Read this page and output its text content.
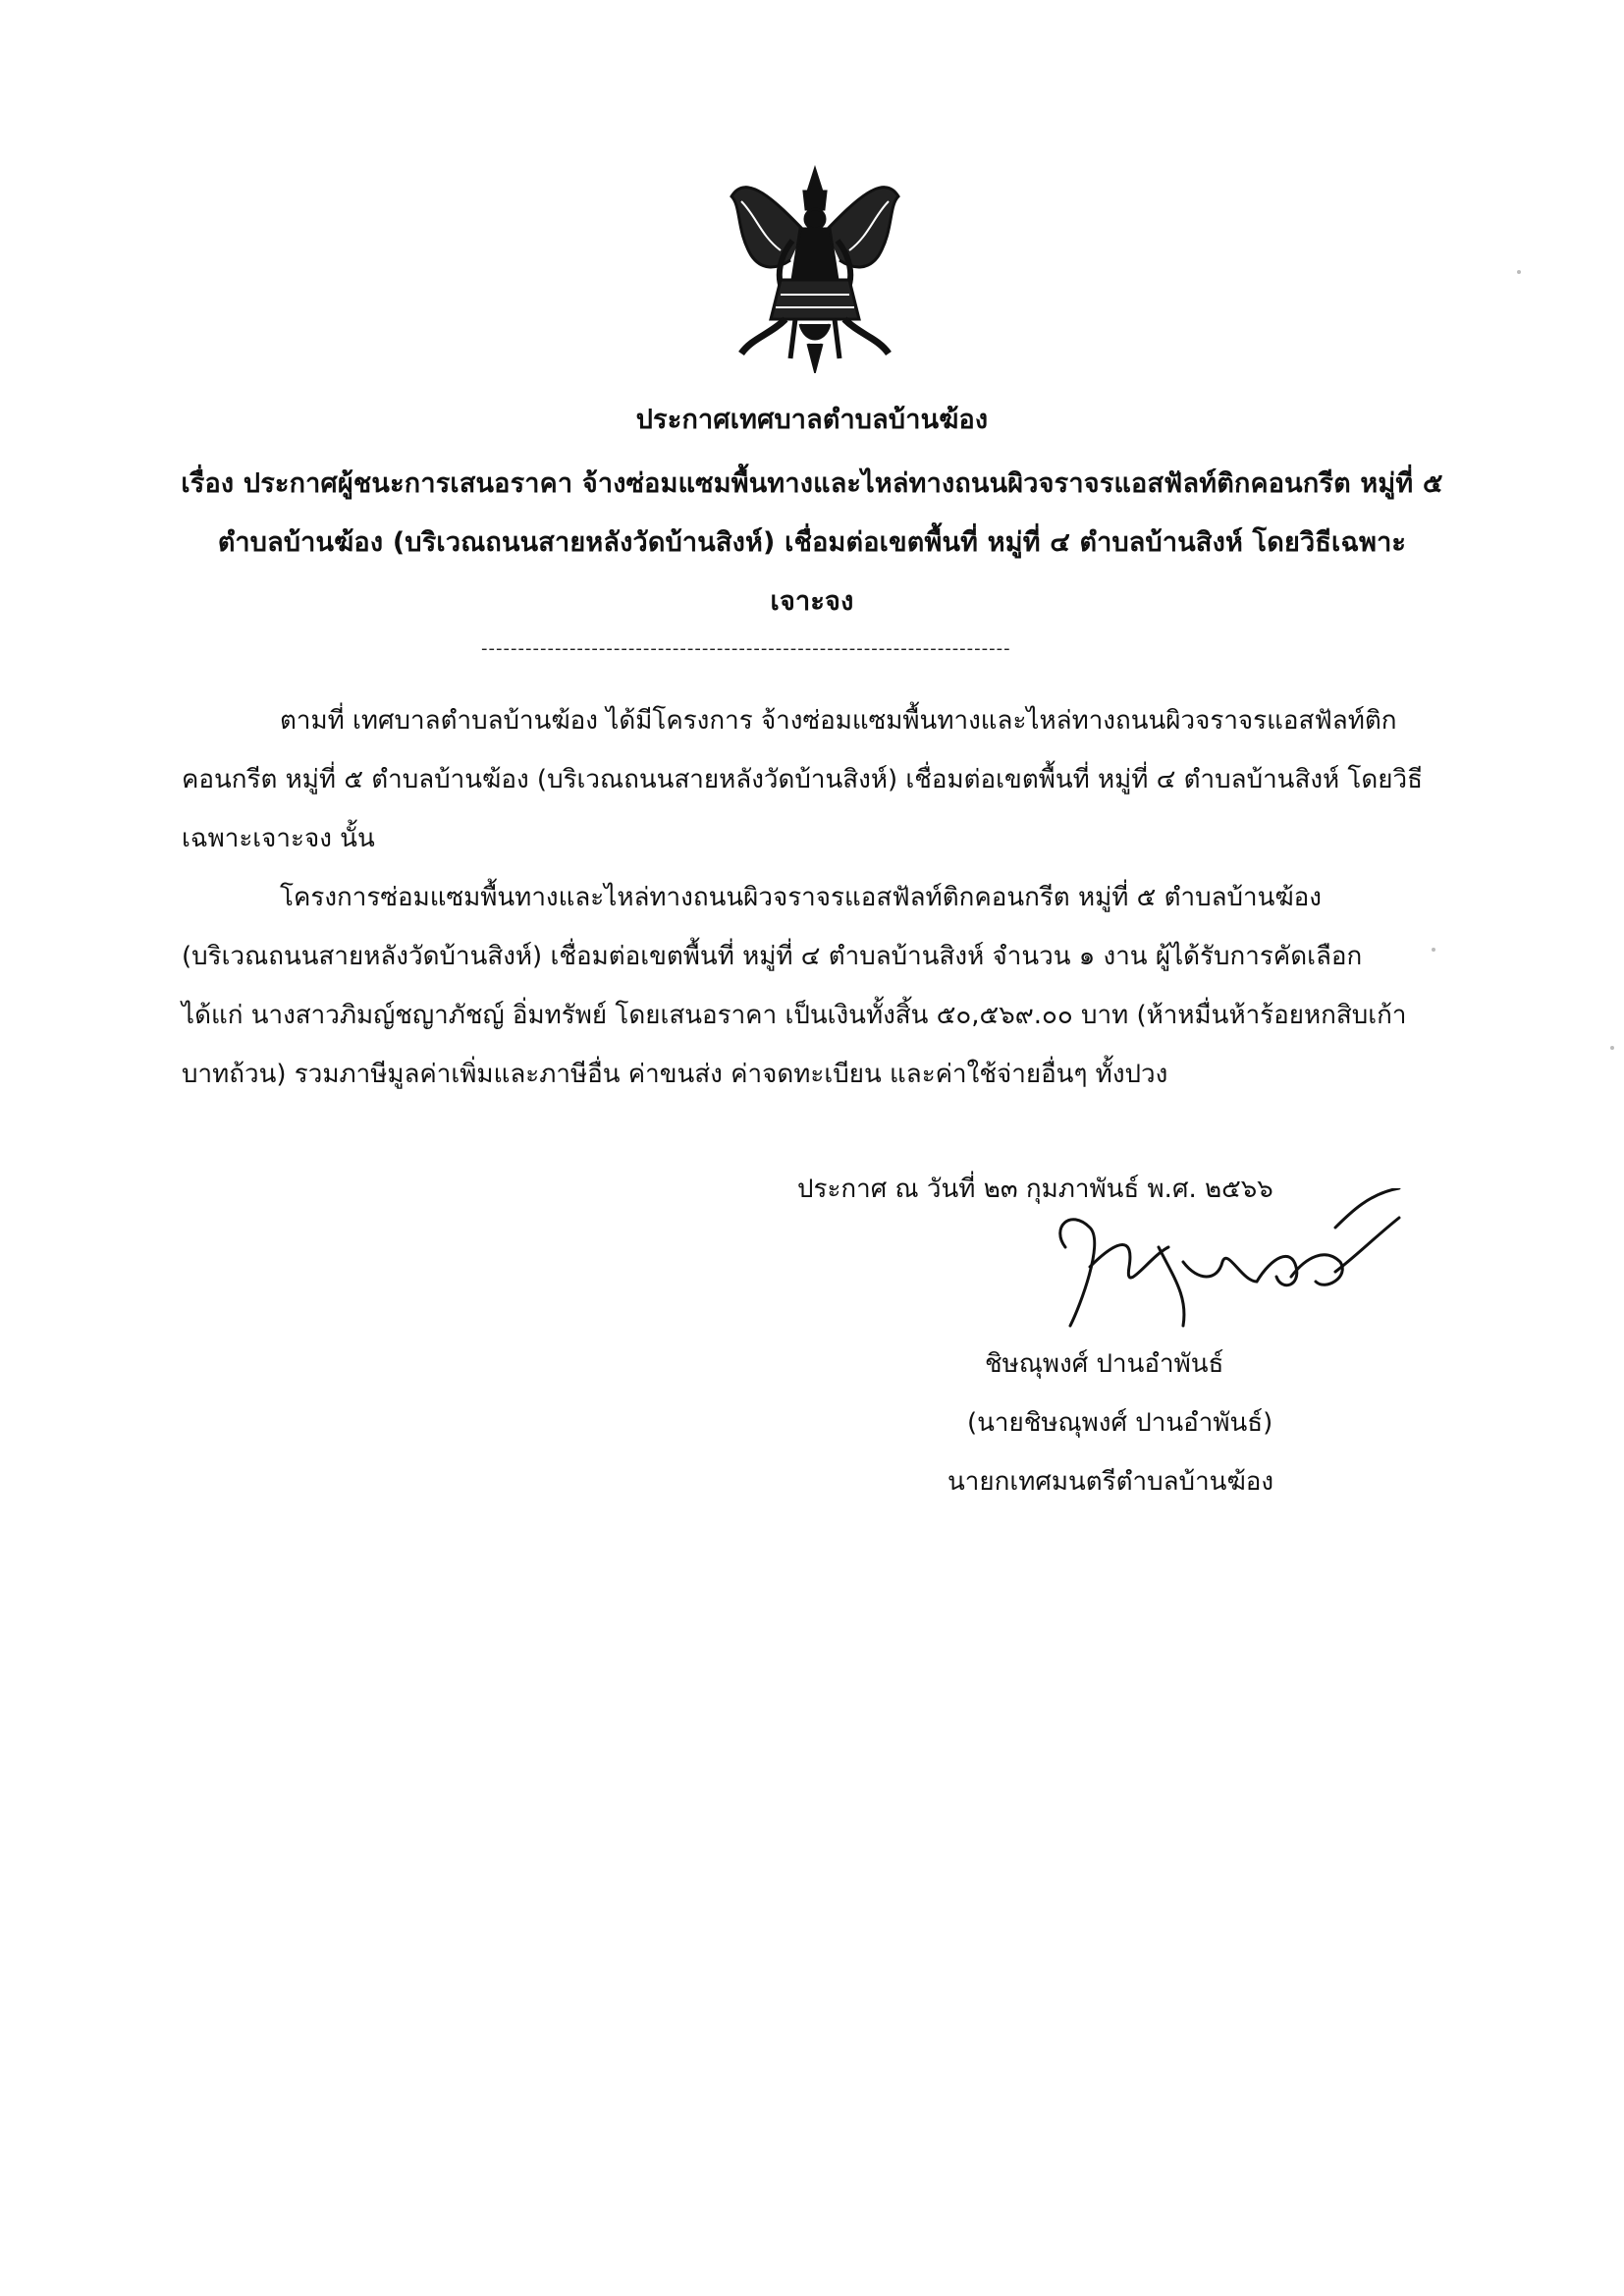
ประกาศเทศบาลตำบลบ้านฆ้อง
เรื่อง ประกาศผู้ชนะการเสนอราคา จ้างซ่อมแซมพื้นทางและไหล่ทางถนนผิวจราจรแอสฟัลท์ติกคอนกรีต หมู่ที่ ๕
ตำบลบ้านฆ้อง (บริเวณถนนสายหลังวัดบ้านสิงห์) เชื่อมต่อเขตพื้นที่ หมู่ที่ ๔ ตำบลบ้านสิงห์ โดยวิธีเฉพาะ
เจาะจง
------------------------------------------------------------------------
ตามที่ เทศบาลตำบลบ้านฆ้อง ได้มีโครงการ จ้างซ่อมแซมพื้นทางและไหล่ทางถนนผิวจราจรแอสฟัลท์ติก
คอนกรีต หมู่ที่ ๕ ตำบลบ้านฆ้อง (บริเวณถนนสายหลังวัดบ้านสิงห์) เชื่อมต่อเขตพื้นที่ หมู่ที่ ๔ ตำบลบ้านสิงห์ โดยวิธี
เฉพาะเจาะจง นั้น
โครงการซ่อมแซมพื้นทางและไหล่ทางถนนผิวจราจรแอสฟัลท์ติกคอนกรีต หมู่ที่ ๕ ตำบลบ้านฆ้อง
(บริเวณถนนสายหลังวัดบ้านสิงห์) เชื่อมต่อเขตพื้นที่ หมู่ที่ ๔ ตำบลบ้านสิงห์ จำนวน ๑ งาน ผู้ได้รับการคัดเลือก
ได้แก่ นางสาวภิมญ์ชญาภัชญ์ อิ่มทรัพย์ โดยเสนอราคา เป็นเงินทั้งสิ้น ๕๐,๕๖๙.๐๐ บาท (ห้าหมื่นห้าร้อยหกสิบเก้า
บาทถ้วน) รวมภาษีมูลค่าเพิ่มและภาษีอื่น ค่าขนส่ง ค่าจดทะเบียน และค่าใช้จ่ายอื่นๆ ทั้งปวง
ประกาศ ณ วันที่ ๒๓ กุมภาพันธ์ พ.ศ. ๒๕๖๖
ชิษณุพงศ์ ปานอำพันธ์
(นายชิษณุพงศ์ ปานอำพันธ์)
นายกเทศมนตรีตำบลบ้านฆ้อง
